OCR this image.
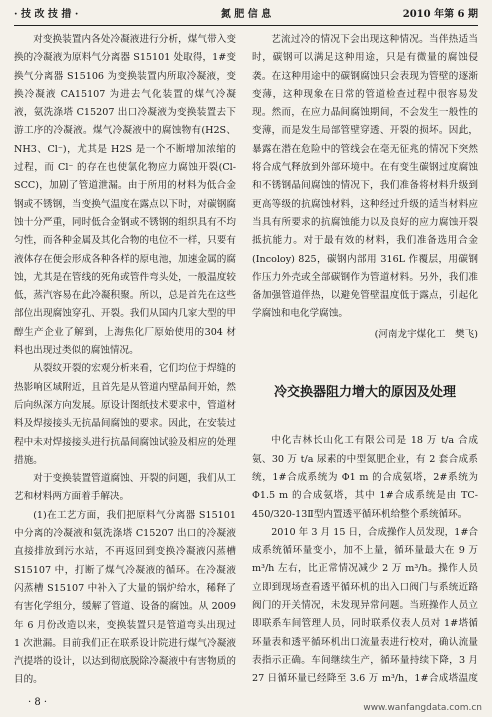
· 技 改 技 措 ·	氮 肥 信 息	2010 年第 6 期

对变换装置内各处冷凝液进行分析，煤气带入变换的冷凝液为原料气分离器 S15101 处取得，1#变换气分离器 S15106 为变换装置内所取冷凝液，变换冷凝液 CA15107 为进去气化装置的煤气冷凝液，氨洗涤塔 C15207 出口冷凝液为变换装置去下游工序的冷凝液。煤气冷凝液中的腐蚀物有(H2S、NH3、Cl⁻)，尤其是 H2S 是一个不断增加浓缩的过程，而 Cl⁻ 的存在也使氯化物应力腐蚀开裂(Cl-SCC)，加剧了管道泄漏。由于所用的材料为低合金钢或不锈钢，当变换气温度在露点以下时，对碳钢腐蚀十分严重，同时低合金钢或不锈钢的组织具有不均匀性，而各种金属及其化合物的电位不一样，只要有液体存在便会形成各种各样的原电池，加速金属的腐蚀，尤其是在管线的死角或管件弯头处，一般温度较低，蒸汽容易在此冷凝积聚。所以，总是首先在这些部位出现腐蚀穿孔、开裂。我们从国内几家大型的甲醇生产企业了解到，上海焦化厂原始使用的304 材料也出现过类似的腐蚀情况。

从裂纹开裂的宏观分析来看，它们均位于焊缝的热影响区域附近，且首先是从管道内壁晶间开始，然后向纵深方向发展。原设计图纸技术要求中，管道材料及焊接接头无抗晶间腐蚀的要求。因此，在安装过程中未对焊接接头进行抗晶间腐蚀试验及相应的处理措施。

对于变换装置管道腐蚀、开裂的问题，我们从工艺和材料两方面着手解决。

(1)在工艺方面，我们把原料气分离器 S15101 中分离的冷凝液和氨洗涤塔 C15207 出口的冷凝液直接排放到污水站，不再返回到变换冷凝液闪蒸槽 S15107 中，打断了煤气冷凝液的循环。在冷凝液闪蒸槽 S15107 中补入了大量的锅炉给水，稀释了有害化学组分，缓解了管道、设备的腐蚀。从 2009 年 6 月份改造以来，变换装置只是管道弯头出现过 1 次泄漏。目前我们正在联系设计院进行煤气冷凝液汽提塔的设计，以达到彻底脱除冷凝液中有害物质的目的。

艺流过冷的情况下会出现这种情况。当伴热适当时，碳钢可以满足这种用途，只是有微量的腐蚀侵袭。在这种用途中的碳钢腐蚀只会表现为管壁的逐渐变薄，这种现象在日常的管道检查过程中很容易发现。然而，在应力晶间腐蚀期间，不会发生一般性的变薄，而是发生局部管壁穿透、开裂的损坏。因此，暴露在潜在危险中的管线会在毫无征兆的情况下突然将合成气释放到外部环境中。在有变生碳钢过度腐蚀和不锈钢晶间腐蚀的情况下，我们准备将材料升级到更高等级的抗腐蚀材料，这种经过升级的适当材料应当具有所要求的抗腐蚀能力以及良好的应力腐蚀开裂抵抗能力。对于最有效的材料，我们准备选用合金(Incoloy) 825，碳钢内部用 316L 作覆层，用碳钢作压力外壳或全部碳钢作为管道材料。另外，我们准备加强管道伴热，以避免管壁温度低于露点，引起化学腐蚀和电化学腐蚀。

(河南龙宇煤化工　樊飞)
冷交换器阻力增大的原因及处理

中化吉林长山化工有限公司是 18 万 t/a 合成氨、30 万 t/a 尿素的中型氮肥企业，有 2 套合成系统，1#合成系统为 Φ1 m 的合成氨塔，2#系统为 Φ1.5 m 的合成氨塔，其中 1#合成系统是由 TC-450/320-13Ⅱ型内置透平循环机给整个系统循环。

2010 年 3 月 15 日，合成操作人员发现，1#合成系统循环量变小，加不上量，循环量最大在 9 万 m³/h 左右，比正常情况减少 2 万 m³/h。操作人员立即到现场查看透平循环机的出入口阀门与系统近路阀门的开关情况，未发现异常问题。当班操作人员立即联系车间管理人员，同时联系仪表人员对 1#塔循环量表和透平循环机出口流量表进行校对，确认流量表指示正确。车间继续生产，循环量持续下降，3 月 27 日循环量已经降至 3.6 万 m³/h，1#合成塔温度

· 8 ·	www.wanfangdata.com.cn
